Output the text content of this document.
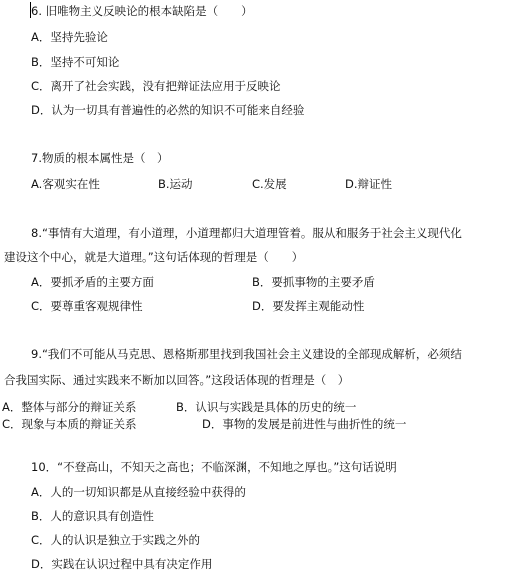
6. 旧唯物主义反映论的根本缺陷是（　　）
A．坚持先验论
B．坚持不可知论
C．离开了社会实践，没有把辩证法应用于反映论
D．认为一切具有普遍性的必然的知识不可能来自经验
7.物质的根本属性是（　）
A.客观实在性	B.运动	C.发展	D.辩证性
8.“事情有大道理，有小道理，小道理都归大道理管着。服从和服务于社会主义现代化
建设这个中心，就是大道理。”这句话体现的哲理是（　　）
A．要抓矛盾的主要方面	B．要抓事物的主要矛盾
C．要尊重客观规律性	D．要发挥主观能动性
9.“我们不可能从马克思、恩格斯那里找到我国社会主义建设的全部现成解析，必须结
合我国实际、通过实践来不断加以回答。”这段话体现的哲理是（　）
A．整体与部分的辩证关系	B．认识与实践是具体的历史的统一
C．现象与本质的辩证关系	D．事物的发展是前进性与曲折性的统一
10．“不登高山，不知天之高也；不临深渊，不知地之厚也。”这句话说明
A．人的一切知识都是从直接经验中获得的
B．人的意识具有创造性
C．人的认识是独立于实践之外的
D．实践在认识过程中具有决定作用
